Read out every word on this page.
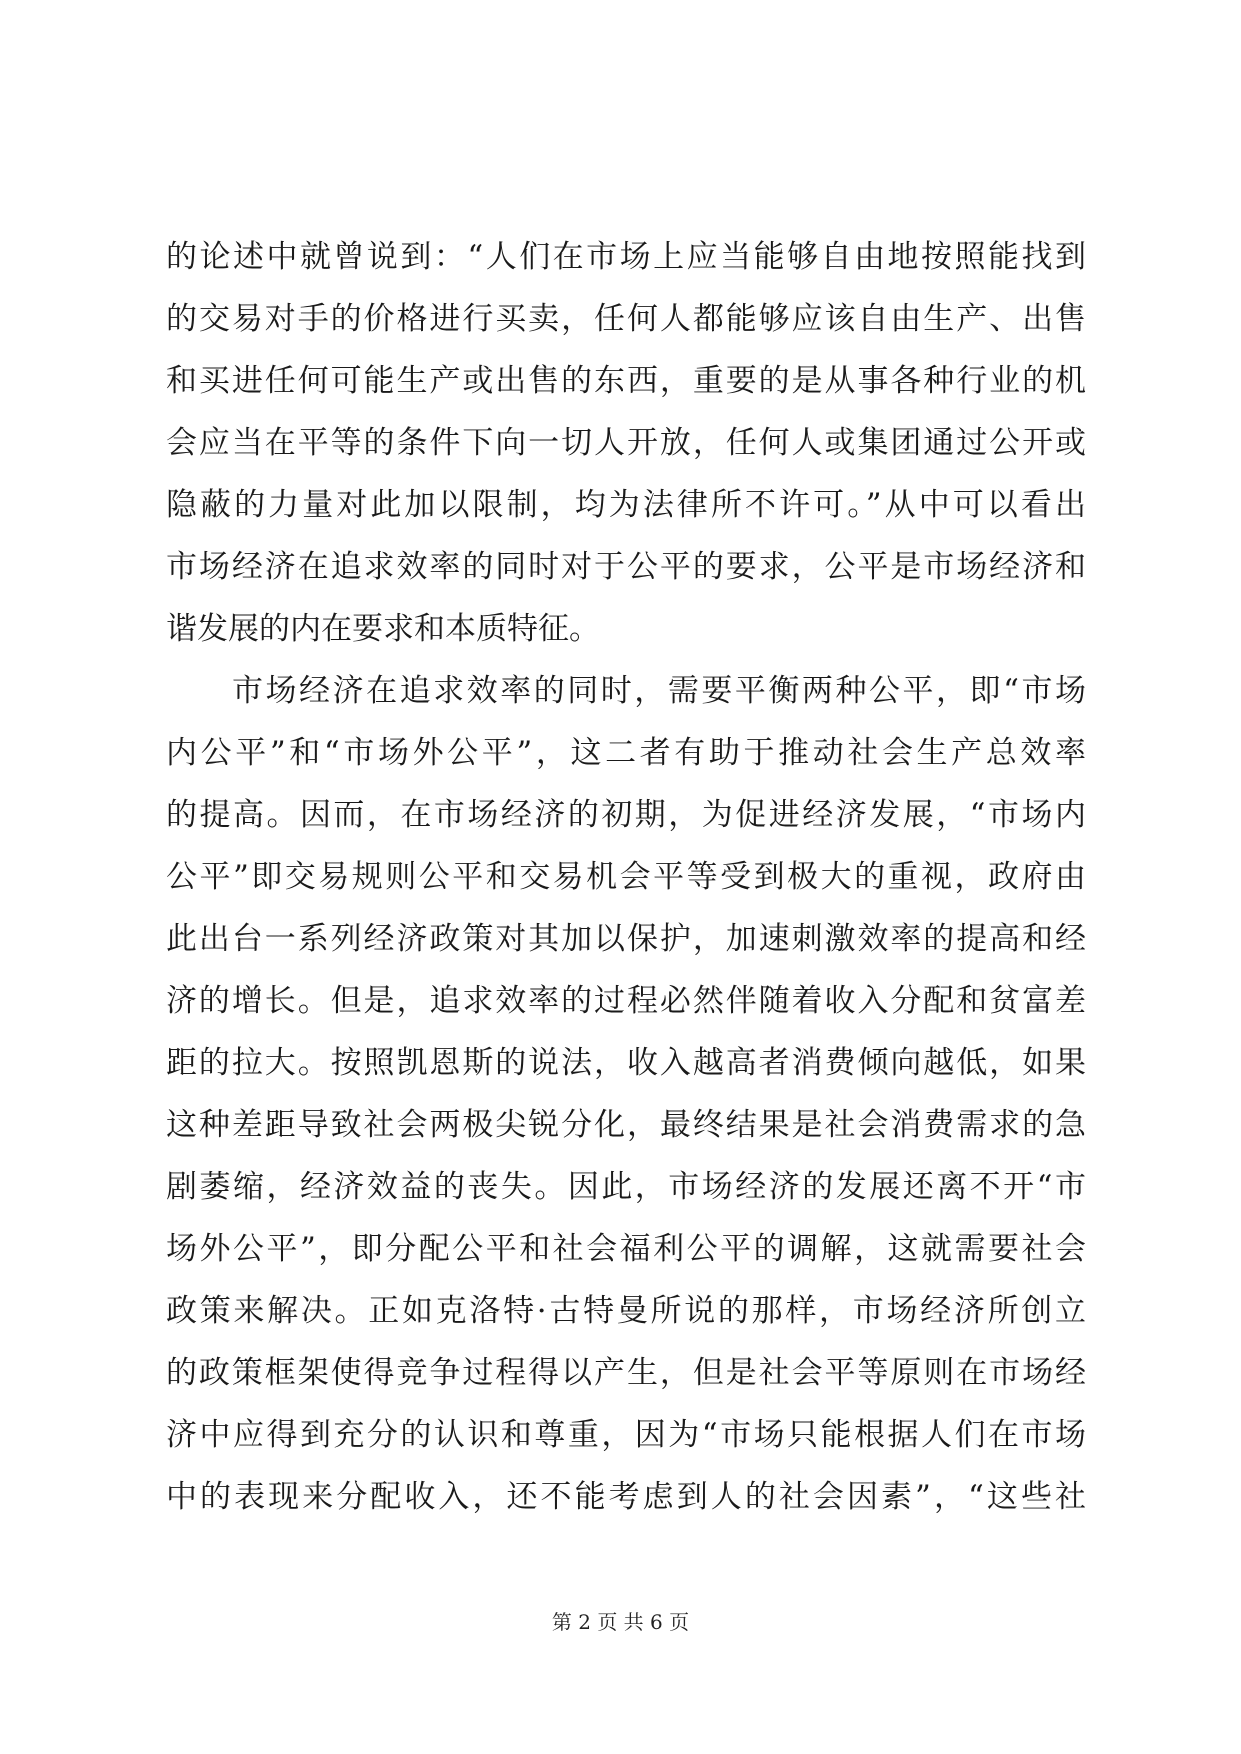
的论述中就曾说到：“人们在市场上应当能够自由地按照能找到
的交易对手的价格进行买卖，任何人都能够应该自由生产、出售
和买进任何可能生产或出售的东西，重要的是从事各种行业的机
会应当在平等的条件下向一切人开放，任何人或集团通过公开或
隐蔽的力量对此加以限制，均为法律所不许可。”从中可以看出
市场经济在追求效率的同时对于公平的要求，公平是市场经济和
谐发展的内在要求和本质特征。
市场经济在追求效率的同时，需要平衡两种公平，即“市场
内公平”和“市场外公平”，这二者有助于推动社会生产总效率
的提高。因而，在市场经济的初期，为促进经济发展，“市场内
公平”即交易规则公平和交易机会平等受到极大的重视，政府由
此出台一系列经济政策对其加以保护，加速刺激效率的提高和经
济的增长。但是，追求效率的过程必然伴随着收入分配和贫富差
距的拉大。按照凯恩斯的说法，收入越高者消费倾向越低，如果
这种差距导致社会两极尖锐分化，最终结果是社会消费需求的急
剧萎缩，经济效益的丧失。因此，市场经济的发展还离不开“市
场外公平”，即分配公平和社会福利公平的调解，这就需要社会
政策来解决。正如克洛特·古特曼所说的那样，市场经济所创立
的政策框架使得竞争过程得以产生，但是社会平等原则在市场经
济中应得到充分的认识和尊重，因为“市场只能根据人们在市场
中的表现来分配收入，还不能考虑到人的社会因素”，“这些社
第 2 页 共 6 页
